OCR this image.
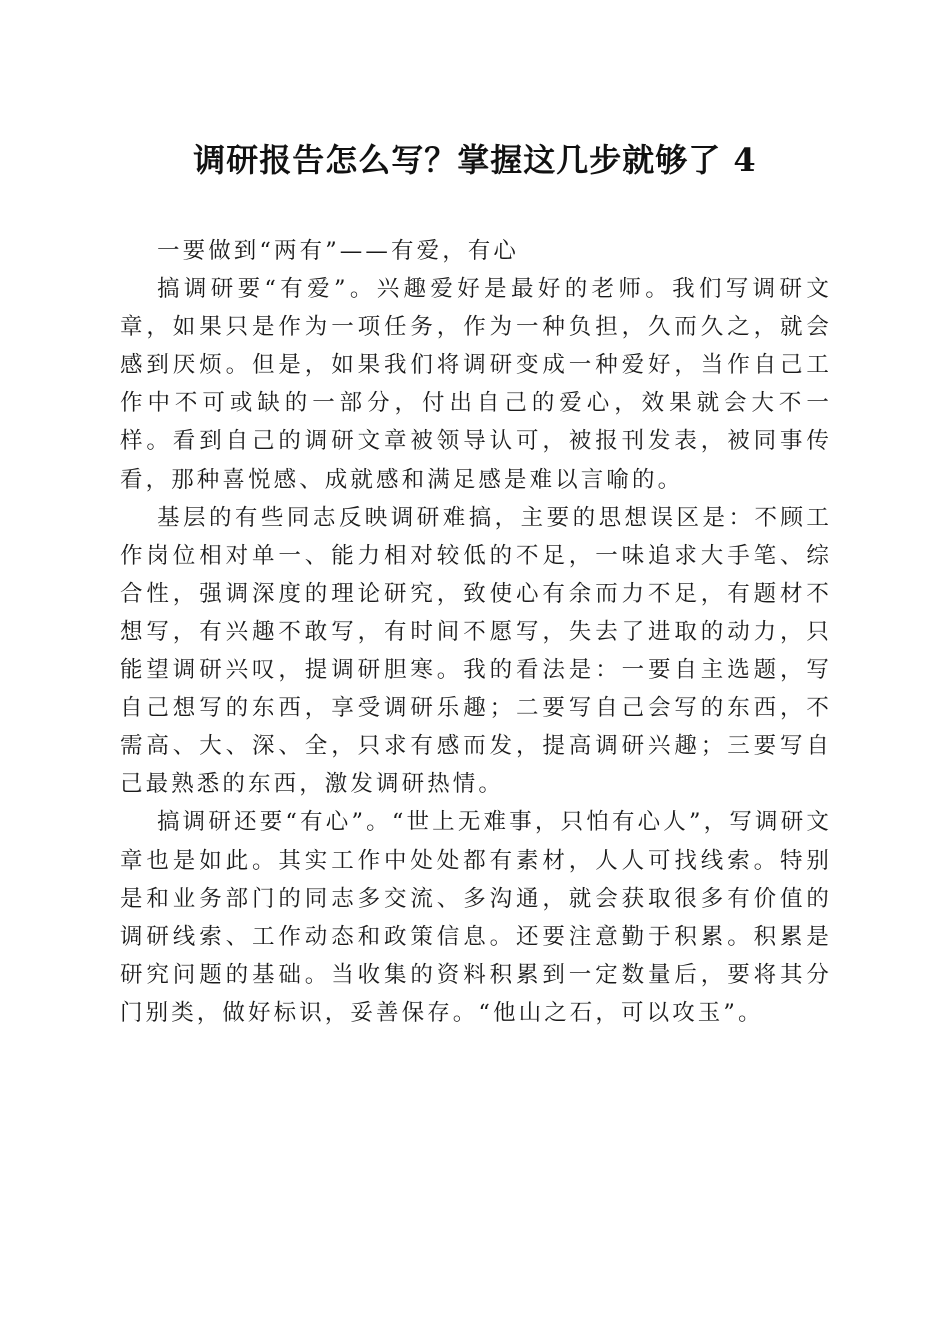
调研报告怎么写？掌握这几步就够了 4

一要做到“两有”——有爱，有心

搞调研要“有爱”。兴趣爱好是最好的老师。我们写调研文章，如果只是作为一项任务，作为一种负担，久而久之，就会感到厌烦。但是，如果我们将调研变成一种爱好，当作自己工作中不可或缺的一部分，付出自己的爱心，效果就会大不一样。看到自己的调研文章被领导认可，被报刊发表，被同事传看，那种喜悦感、成就感和满足感是难以言喻的。

基层的有些同志反映调研难搞，主要的思想误区是：不顾工作岗位相对单一、能力相对较低的不足，一味追求大手笔、综合性，强调深度的理论研究，致使心有余而力不足，有题材不想写，有兴趣不敢写，有时间不愿写，失去了进取的动力，只能望调研兴叹，提调研胆寒。我的看法是：一要自主选题，写自己想写的东西，享受调研乐趣；二要写自己会写的东西，不需高、大、深、全，只求有感而发，提高调研兴趣；三要写自己最熟悉的东西，激发调研热情。

搞调研还要“有心”。“世上无难事，只怕有心人”，写调研文章也是如此。其实工作中处处都有素材，人人可找线索。特别是和业务部门的同志多交流、多沟通，就会获取很多有价值的调研线索、工作动态和政策信息。还要注意勤于积累。积累是研究问题的基础。当收集的资料积累到一定数量后，要将其分门别类，做好标识，妥善保存。“他山之石，可以攻玉”。
